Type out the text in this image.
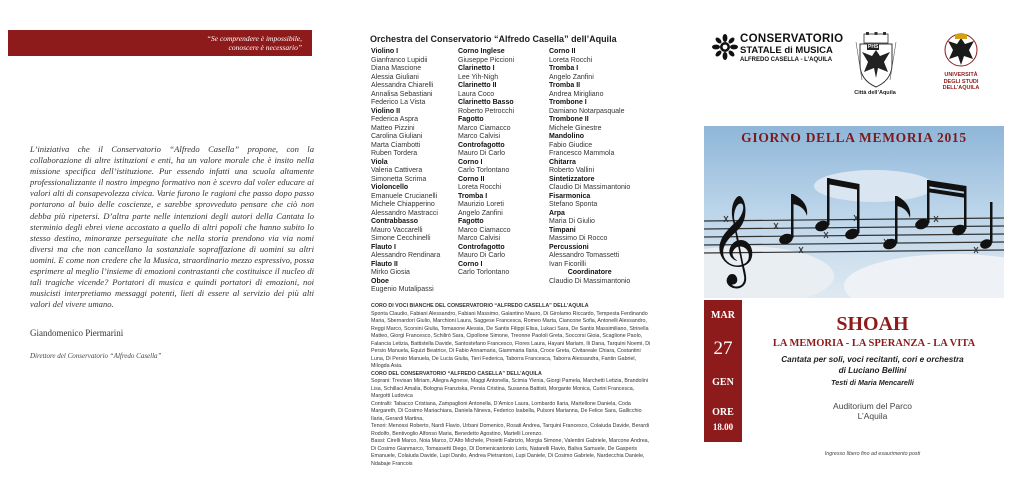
“Se comprendere è impossibile,
conoscere è necessario”
L’iniziativa che il Conservatorio “Alfredo Casella” propone, con la collaborazione di altre istituzioni e enti, ha un valore morale che è insito nella missione specifica dell’istituzione. Pur essendo infatti una scuola altamente professionalizzante il nostro impegno formativo non è scevro dal voler educare ai valori alti di consapevolezza civica. Varie furono le ragioni che passo dopo passo portarono al buio delle coscienze, e sarebbe sprovveduto pensare che ciò non debba più ripetersi. D’altra parte nelle intenzioni degli autori della Cantata lo sterminio degli ebrei viene accostato a quello di altri popoli che hanno subito lo stesso destino, minoranze perseguitate che nella storia prendono via via nomi diversi ma che non cancellano la sostanziale sopraffazione di uomini su altri uomini. E come non credere che la Musica, straordinario mezzo espressivo, possa esprimere al meglio l’insieme di emozioni contrastanti che costituisce il nucleo di tali tragiche vicende? Portatori di musica e quindi portatori di emozioni, noi musicisti interpretiamo messaggi potenti, lieti di essere al servizio dei più alti valori del vivere umano.
Giandomenico Piermarini
Direttore del Conservatorio “Alfredo Casella”
Orchestra del Conservatorio “Alfredo Casella” dell’Aquila
Violino I
Gianfranco Lupidii
Diana Mascione
Alessia Giuliani
Alessandra Chiarelli
Annalisa Sebastiani
Federico La Vista
Violino II
Federica Aspra
Matteo Pizzini
Carolina Giuliani
Marta Ciambotti
Ruben Tordera
Viola
Valeria Cattivera
Simonetta Scrima
Violoncello
Emanuele Crucianelli
Michele Chiapperino
Alessandro Mastracci
Contrabbasso
Mauro Vaccarelli
Simone Cecchinelli
Flauto I
Alessandro Rendinara
Flauto II
Mirko Giosia
Oboe
Eugenio Mutalipassi
Corno Inglese
Giuseppe Piccioni
Clarinetto I
Lee Yih-Nigh
Clarinetto II
Laura Coco
Clarinetto Basso
Roberto Petrocchi
Fagotto
Marco Ciamacco
Marco Calvisi
Controfagotto
Mauro Di Carlo
Corno I
Carlo Torlontano
Corno II
Loreta Rocchi
Tromba I
Maurizio Loreti
Angelo Zanfini
Fagotto
Marco Ciamacco
Marco Calvisi
Controfagotto
Mauro Di Carlo
Corno I
Carlo Torlontano
Corno II
Loreta Rocchi
Tromba I
Angelo Zanfini
Tromba II
Andrea Mirigliano
Trombone I
Damiano Notarpasquale
Trombone II
Michele Ginestre
Mandolino
Fabio Giudice
Francesco Mammola
Chitarra
Roberto Vallini
Sintetizzatore
Claudio Di Massimantonio
Fisarmonica
Stefano Sponta
Arpa
Maria Di Giulio
Timpani
Massimo Di Rocco
Percussioni
Alessandro Tomassetti
Ivan Ficorilli
Coordinatore
Claudio Di Massimantonio
CORO DI VOCI BIANCHE DEL CONSERVATORIO “ALFREDO CASELLA” DELL’AQUILA
Sponta Claudio, Fabiani Alessandro, Fabiani Massimo, Galantino Mauro, Di Girolamo Riccardo, Tempesta Ferdinando Maria, Sbernardori Giulio, Marchioni Laura, Saggese Francesca, Romeo Marta, Ciancone Sofia, Antonelli Alessandro, Reggi Marco, Scorsini Giulia, Tomasone Alessia, De Santis Filippi Elisa, Lukaci Sara, De Santis Massimiliano, Strinella Matteo, Giorgi Francesco, Schilirò Sara, Cipollone Simone, Treonne Paololi Greta, Soccorsi Gioia, Scaglione Paolo, Falancia Letizia, Battistella Davide, Santostefano Francesco, Flores Laura, Hayani Mariam, Ili Dana, Tarquini Noemi, Di Persio Manuela, Equizi Beatrice, Di Fabio Annamaria, Giammaria Ilaria, Croce Greta, Civitareale Chiara, Costantini Luna, Di Persio Manuela, De Lucia Giulia, Tieri Federica, Taborra Francesca, Taborra Alessandra, Fantin Gabriel, Milogda Asia.
CORO DEL CONSERVATORIO “ALFREDO CASELLA” DELL’AQUILA
Soprani: Trevisan Miriam, Allegra Agnese, Maggi Antonella, Scimia Ylenia, Giorgi Pamela, Marchetti Letizia, Brandolini Lisa, Schillaci Amalia, Bologna Franziska, Persia Cristina, Susanna Battisti, Morgante Monica, Curini Francesca, Margotti Ludovica
Contralti: Tabacco Cristiana, Zampaglioni Antonella, D’Amico Laura, Lombardo Ilaria, Martellone Daniela, Coda Margareth, Di Cosimo Mariachiara, Daniela Nineva, Federico Isabella, Pulsoni Marianna, De Felice Sara, Gallicchio Ilaria, Gerardi Martina,
Tenori: Menossi Roberto, Nardi Flavio, Urbani Domenico, Rosati Andrea, Tarquini Francesco, Colaiuda Davide, Berardi Rodolfo, Bentivoglio Alfonso Maria, Benedetto Agostino, Martelli Lorenzo.
Bassi: Cirelli Marco, Noia Marco, D’Alto Michele, Proietti Fabrizio, Morgia Simone, Valentini Gabriele, Marcone Andrea, Di Cosimo Gianmarco, Tomassetti Diego, Di Domenicantonio Loris, Natarelli Flavio, Baliva Samuele, De Gasperis Emanuele, Colaiuda Davide, Lupi Danilo, Andrea Pietrantoni, Lupi Daniele, Di Cosimo Gabriele, Nardecchia Daniele, Ndabaje Francois
CONSERVATORIO
STATALE di MUSICA
ALFREDO CASELLA - L’AQUILA
PHS
Città dell’Aquila
UNIVERSITÀ DEGLI STUDI DELL’AQUILA
𝄞
GIORNO DELLA MEMORIA 2015
MAR
27
GEN
ORE
18.00
SHOAH
LA MEMORIA - LA SPERANZA - LA VITA
Cantata per soli, voci recitanti, cori e orchestra
di Luciano Bellini
Testi di Maria Mencarelli
Auditorium del Parco
L’Aquila
Ingresso libero fino ad esaurimento posti
